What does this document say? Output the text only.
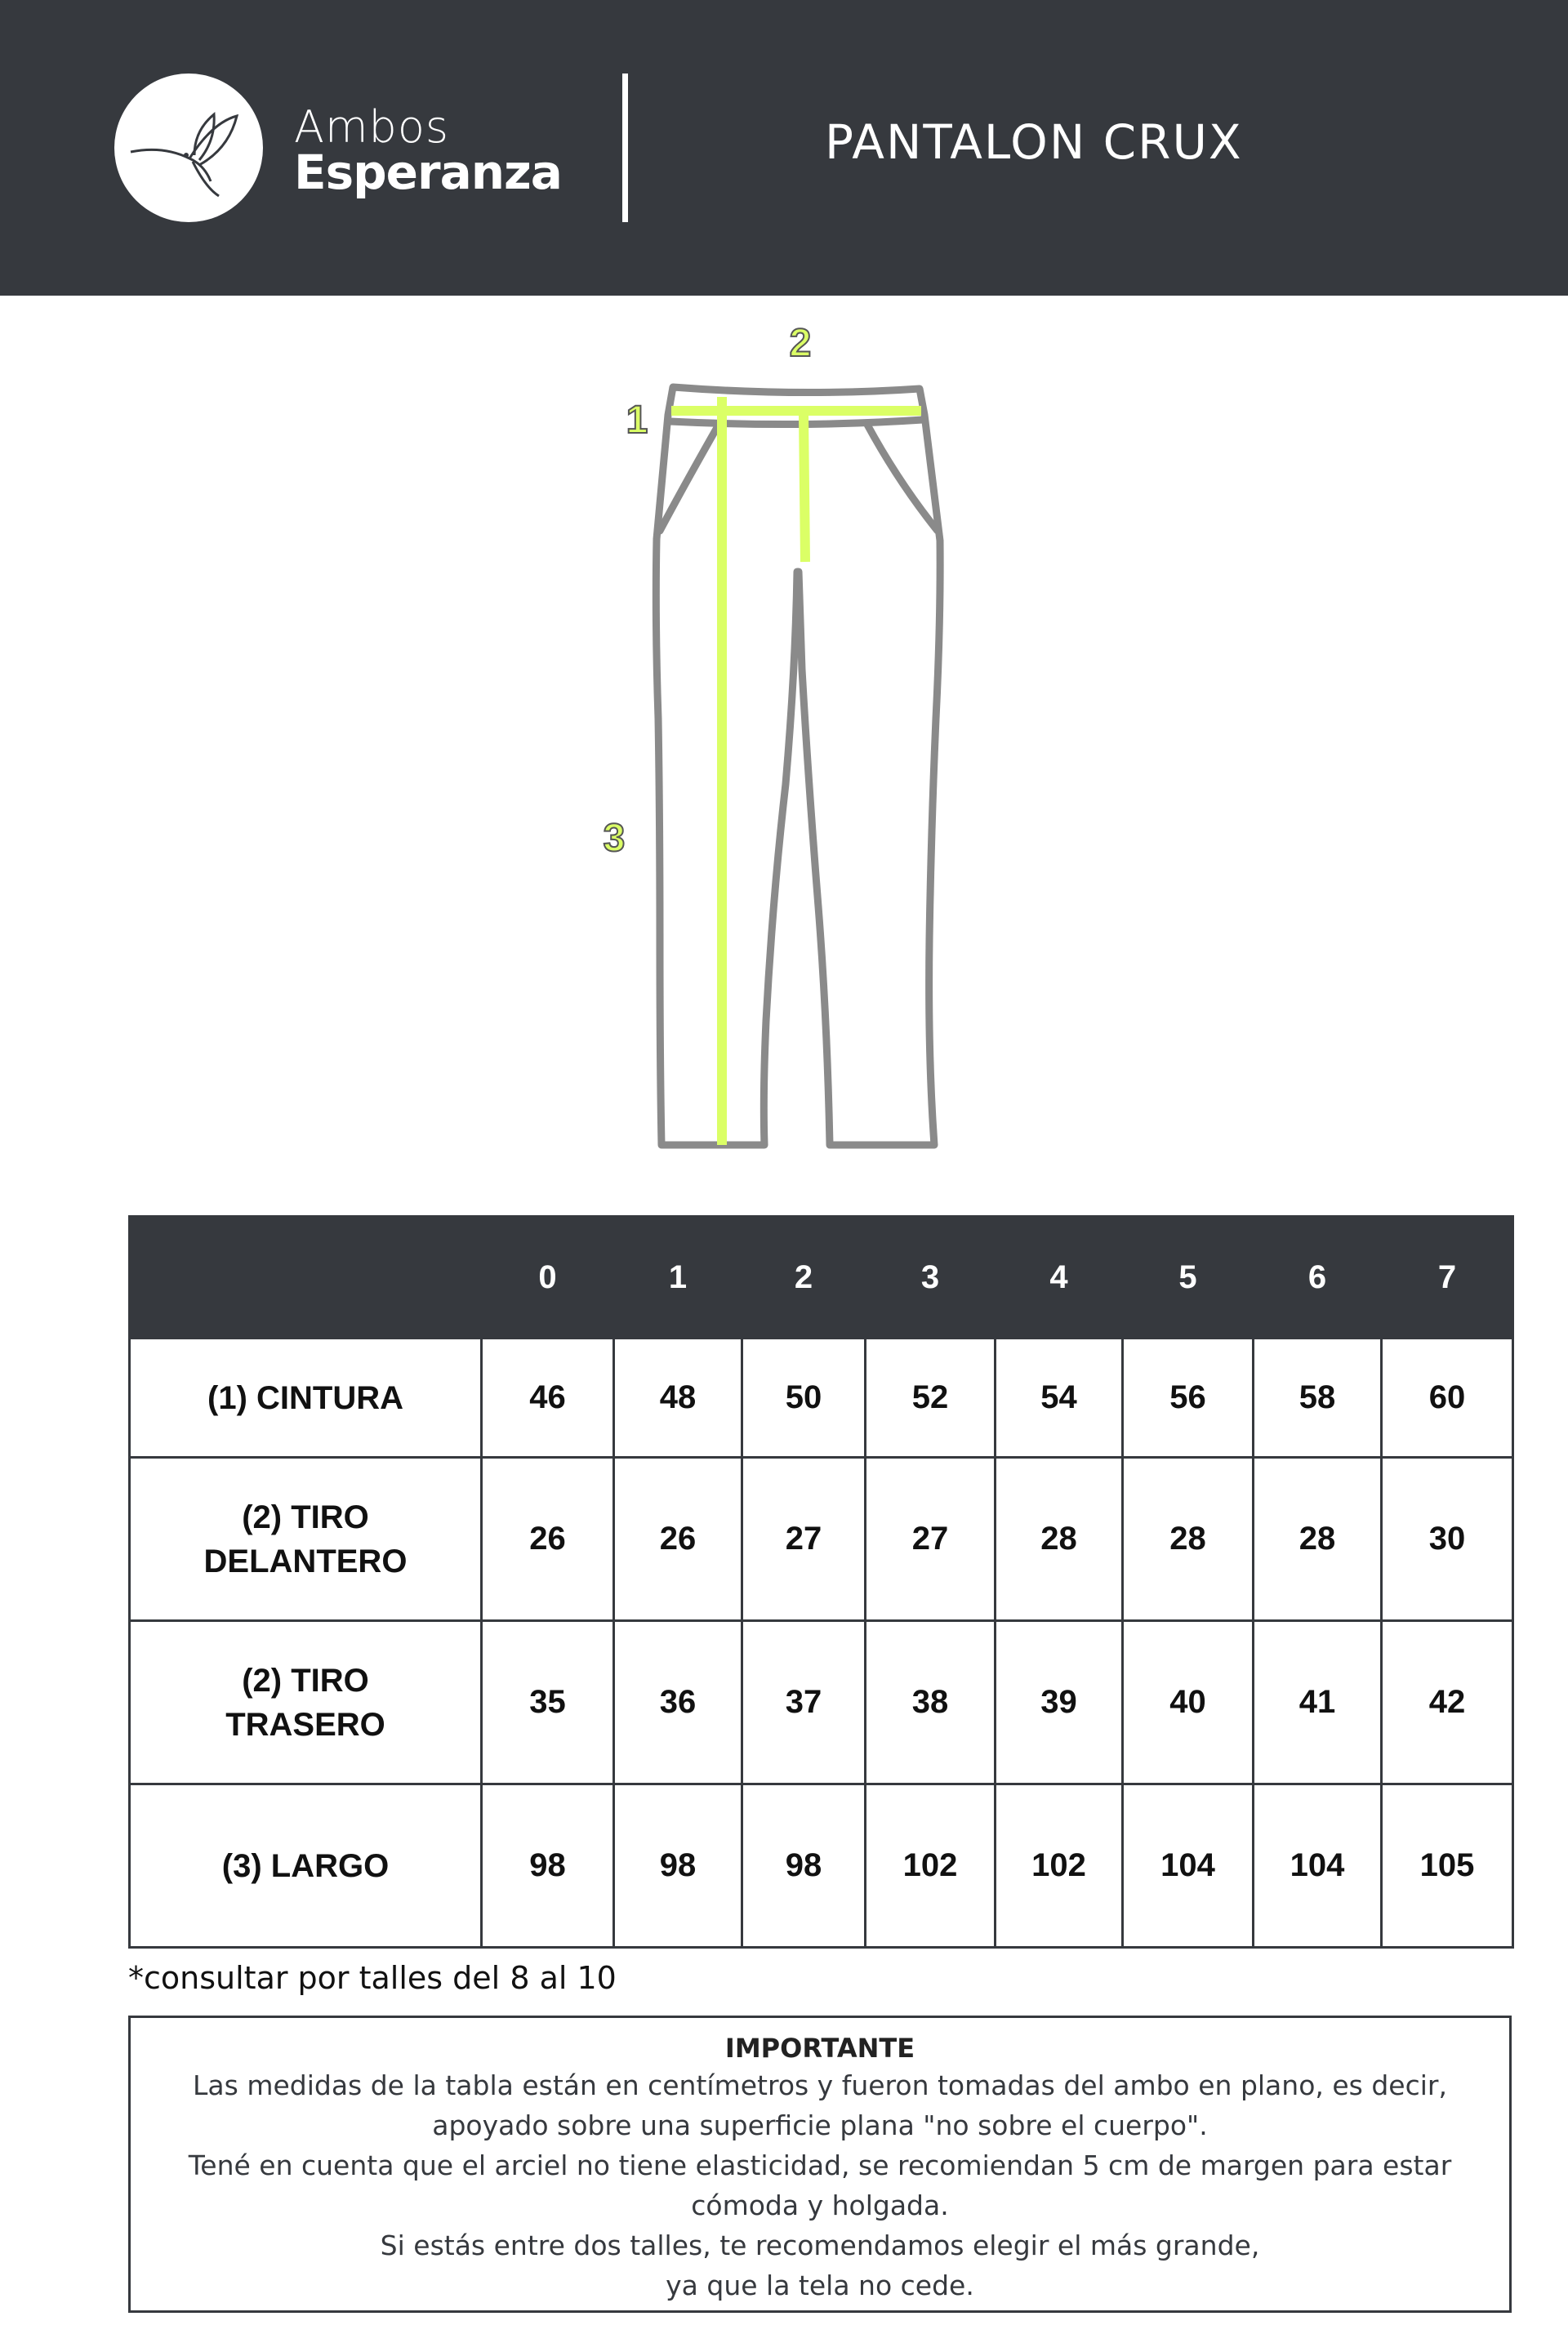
Ambos
Esperanza
PANTALON CRUX
2
1
3
	0	1	2	3	4	5	6	7
(1) CINTURA	46	48	50	52	54	56	58	60
(2) TIRO
DELANTERO	26	26	27	27	28	28	28	30
(2) TIRO
TRASERO	35	36	37	38	39	40	41	42
(3) LARGO	98	98	98	102	102	104	104	105
*consultar por talles del 8 al 10
IMPORTANTE
Las medidas de la tabla están en centímetros y fueron tomadas del ambo en plano, es decir,
apoyado sobre una superficie plana "no sobre el cuerpo".
Tené en cuenta que el arciel no tiene elasticidad, se recomiendan 5 cm de margen para estar
cómoda y holgada.
Si estás entre dos talles, te recomendamos elegir el más grande,
ya que la tela no cede.
